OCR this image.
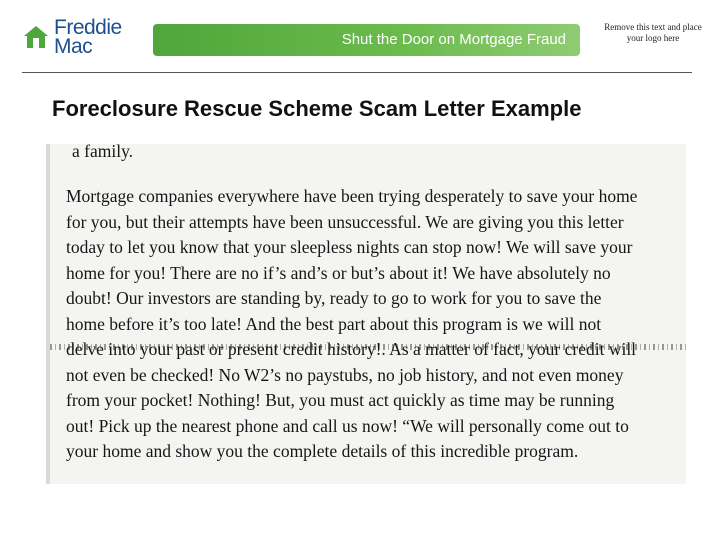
Freddie
Mac	Shut the Door on Mortgage Fraud
Remove this text and place your logo here
Foreclosure Rescue Scheme Scam Letter Example
a family.
Mortgage companies everywhere have been trying desperately to save your home
for you, but their attempts have been unsuccessful. We are giving you this letter
today to let you know that your sleepless nights can stop now! We will save your
home for you! There are no if’s and’s or but’s about it! We have absolutely no
doubt! Our investors are standing by, ready to go to work for you to save the
home before it’s too late! And the best part about this program is we will not
delve into your past or present credit history!. As a matter of fact, your credit will
not even be checked! No W2’s no paystubs, no job history, and not even money
from your pocket! Nothing! But, you must act quickly as time may be running
out! Pick up the nearest phone and call us now! “We will personally come out to
your home and show you the complete details of this incredible program.
